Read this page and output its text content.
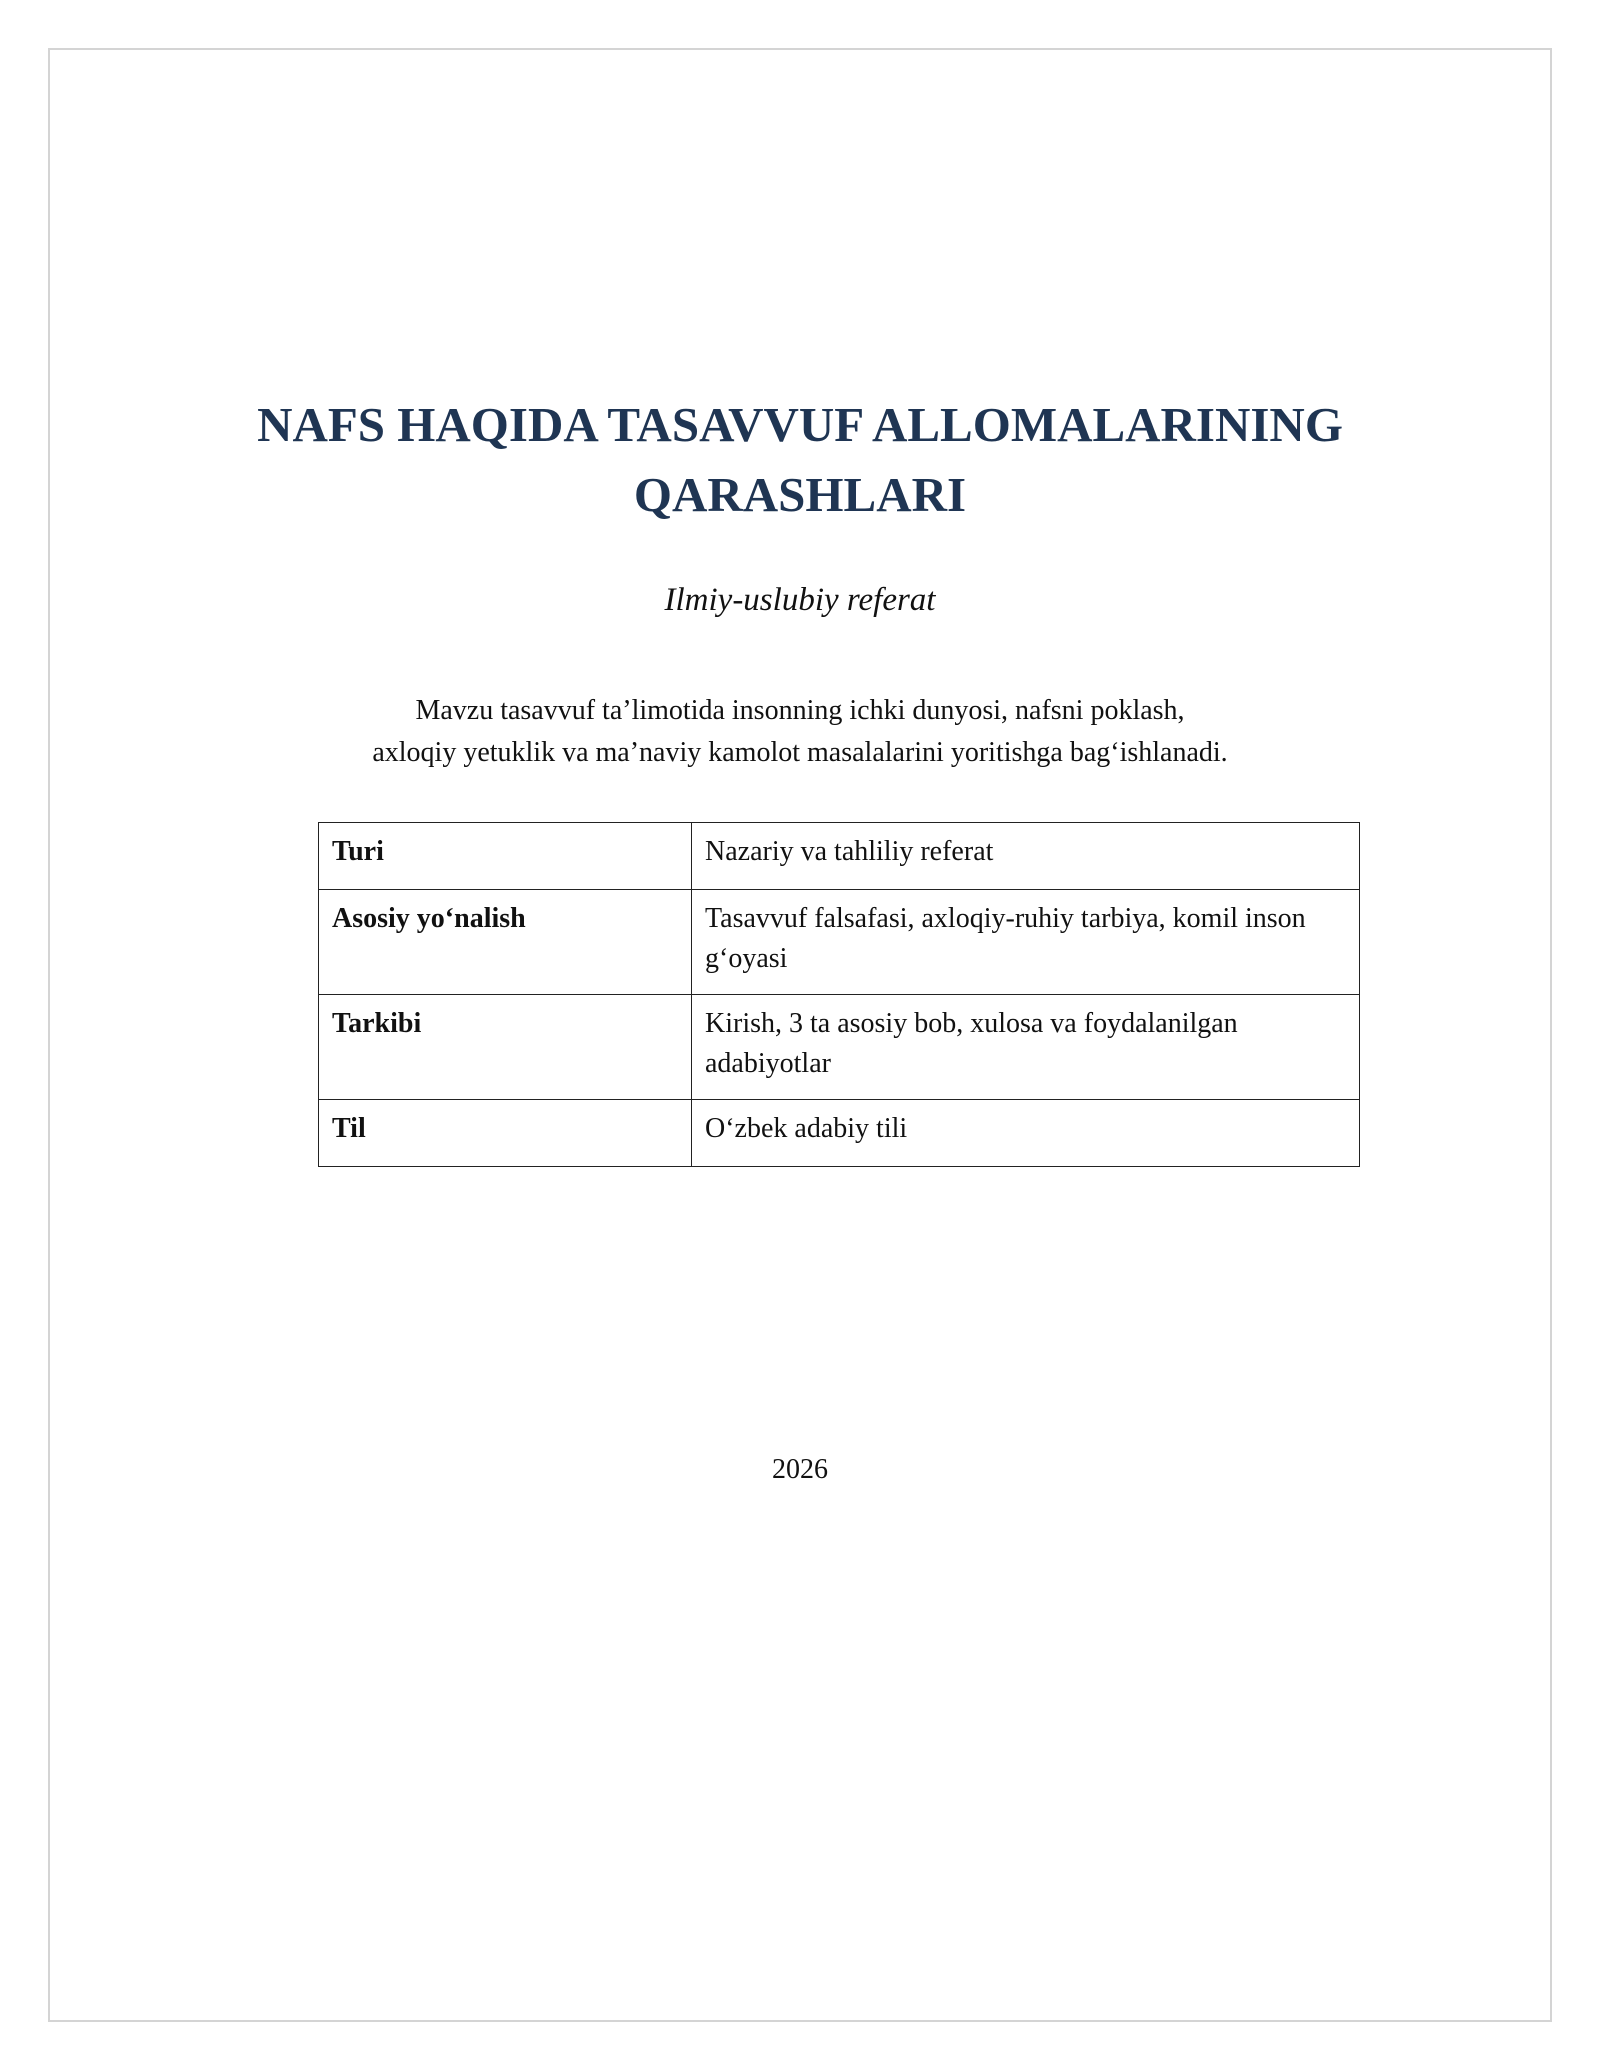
NAFS HAQIDA TASAVVUF ALLOMALARINING
QARASHLARI

Ilmiy-uslubiy referat

Mavzu tasavvuf ta’limotida insonning ichki dunyosi, nafsni poklash,
axloqiy yetuklik va ma’naviy kamolot masalalarini yoritishga bag‘ishlanadi.

Turi	Nazariy va tahliliy referat
Asosiy yo‘nalish	Tasavvuf falsafasi, axloqiy-ruhiy tarbiya, komil inson g‘oyasi
Tarkibi	Kirish, 3 ta asosiy bob, xulosa va foydalanilgan adabiyotlar
Til	O‘zbek adabiy tili

2026
